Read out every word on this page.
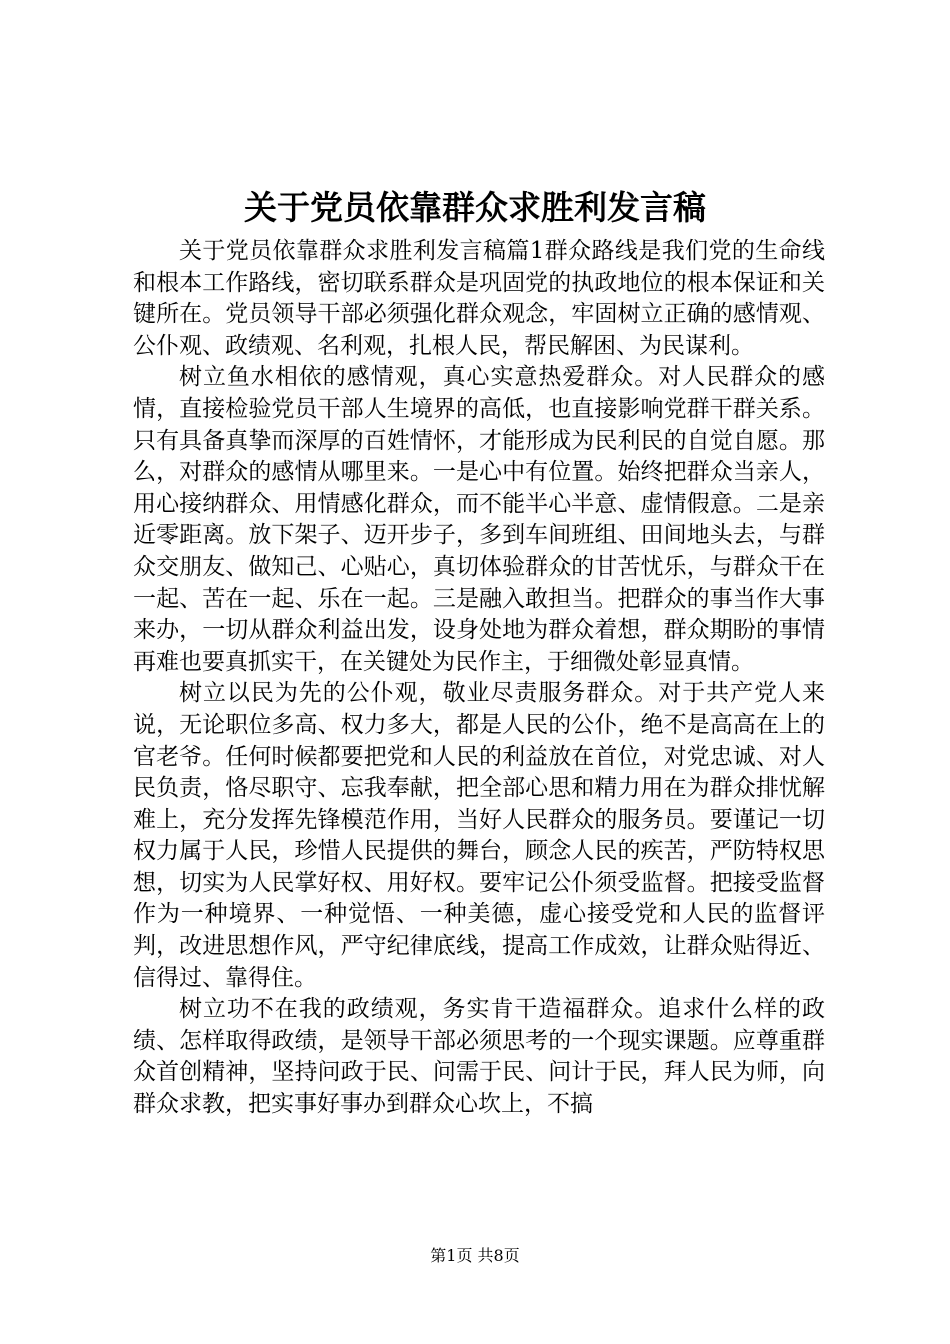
关于党员依靠群众求胜利发言稿

关于党员依靠群众求胜利发言稿篇1群众路线是我们党的生命线和根本工作路线，密切联系群众是巩固党的执政地位的根本保证和关键所在。党员领导干部必须强化群众观念，牢固树立正确的感情观、公仆观、政绩观、名利观，扎根人民，帮民解困、为民谋利。

树立鱼水相依的感情观，真心实意热爱群众。对人民群众的感情，直接检验党员干部人生境界的高低，也直接影响党群干群关系。只有具备真挚而深厚的百姓情怀，才能形成为民利民的自觉自愿。那么，对群众的感情从哪里来。一是心中有位置。始终把群众当亲人，用心接纳群众、用情感化群众，而不能半心半意、虚情假意。二是亲近零距离。放下架子、迈开步子，多到车间班组、田间地头去，与群众交朋友、做知己、心贴心，真切体验群众的甘苦忧乐，与群众干在一起、苦在一起、乐在一起。三是融入敢担当。把群众的事当作大事来办，一切从群众利益出发，设身处地为群众着想，群众期盼的事情再难也要真抓实干，在关键处为民作主，于细微处彰显真情。

树立以民为先的公仆观，敬业尽责服务群众。对于共产党人来说，无论职位多高、权力多大，都是人民的公仆，绝不是高高在上的官老爷。任何时候都要把党和人民的利益放在首位，对党忠诚、对人民负责，恪尽职守、忘我奉献，把全部心思和精力用在为群众排忧解难上，充分发挥先锋模范作用，当好人民群众的服务员。要谨记一切权力属于人民，珍惜人民提供的舞台，顾念人民的疾苦，严防特权思想，切实为人民掌好权、用好权。要牢记公仆须受监督。把接受监督作为一种境界、一种觉悟、一种美德，虚心接受党和人民的监督评判，改进思想作风，严守纪律底线，提高工作成效，让群众贴得近、信得过、靠得住。

树立功不在我的政绩观，务实肯干造福群众。追求什么样的政绩、怎样取得政绩，是领导干部必须思考的一个现实课题。应尊重群众首创精神，坚持问政于民、问需于民、问计于民，拜人民为师，向群众求教，把实事好事办到群众心坎上，不搞

第1页 共8页
